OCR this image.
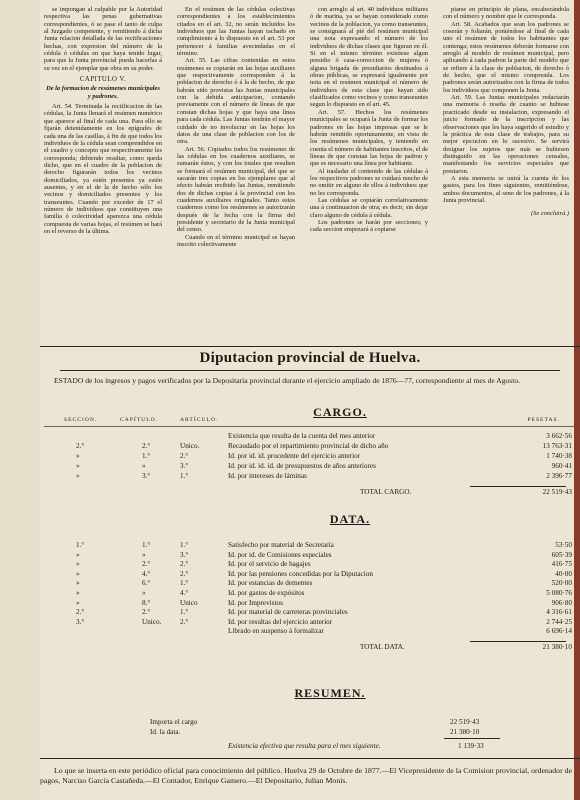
se impongan al culpable por la Autoridad respectiva las penas gubernativas correspondientes, ó se pase el tanto de culpa al Juzgado competente, y remitiendo á dicha Junta relacion detallada de las rectificaciones hechas, con expresion del número de la cédula ó cédulas en que haya tenido lugar, para que la Junta provincial pueda hacerlas á su vez en el ejemplar que obra en su poder.

CAPITULO V.

De la formacion de resúmenes municipales y padrones.

Art. 54. Terminada la rectificacion de las cédulas, la Junta llenará el resúmen numérico que aparece al final de cada una. Para ello se fijarán detenidamente en los epígrafes de cada una de las casillas, á fin de que todos los individuos de la cédula sean comprendidos en el cuadro y concepto que respectivamente les corresponda; debiendo resultar, como queda dicho, que en el cuadro de la poblacion de derecho figurarán todos los vecinos domiciliados, ya estén presentes ya estén ausentes, y en el de la de hecho sólo los vecinos y domiciliados presentes y los transeuntes. Cuando por exceder de 17 el número de individuos que constituyen una familia ó colectividad aparezca una cédula compuesta de varias hojas, el resúmen se hará en el reverso de la última.

En el resúmen de las cédulas colectivas correspondientes á los establecimientos citados en el art. 32, no serán incluidos los individuos que las Juntas hayan tachado en cumplimiento á lo dispuesto en el art. 53 por pertenecer á familias avecindadas en el término.

Art. 55. Las cifras contenidas en estos resúmenes se copiarán en las hojas auxiliares que respectivamente corresponden á la poblacion de derecho ó á la de hecho, de que habrán sido provistas las Juntas municipales con la debida anticipacion, contando previamente con el número de líneas de que constan dichas hojas y que haya una línea para cada cédula. Las Juntas tendrán el mayor cuidado de no involucrar en las hojas los datos de una clase de poblacion con los de otra.

Art. 56. Copiados todos los resúmenes de las cédulas en los cuadernos auxiliares, se sumarán éstos, y con los totales que resulten se formará el resúmen municipal, del que se sacarán tres copias en los ejemplares que al efecto habrán recibido las Juntas, remitiendo dos de dichas copias á la provincial con los cuadernos auxiliares originales. Tanto estos cuadernos como los resúmenes se autorizarán después de la fecha con la firma del presidente y secretario de la Junta municipal del censo.

Cuando en el término municipal se hayan inscrito colectivamente

con arreglo al art. 40 individuos militares ó de marina, ya se hayan considerado como vecinos de la poblacion, ya como transeuntes, se consignará al pié del resúmen municipal una nota expresando el número de los individuos de dichas clases que figuran en él. Si en el mismo término existiese algun presidio ó casa-correccion de mujeres ó alguna brigada de presidiarios destinados á obras públicas, se expresará igualmente por nota en el resúmen municipal el número de individuos de esta clase que hayan sido clasificados como vecinos y como transeuntes segun lo dispuesto en el art. 45.

Art. 57. Hechos los resúmenes municipales se ocupará la Junta de formar los padrones en las hojas impresas que se le habrán remitido oportunamente, en vista de los resúmenes municipales, y teniendo en cuenta el número de habitantes inscritos, el de líneas de que constan las hojas de padron y que es necesario una línea por habitante.

Al trasladar el contenido de las cédulas á los respectivos padrones se cuidará mucho de no omitir en alguno de ellos á individuos que no les corresponda.

Las cédulas se copiarán correlativamente una á continuacion de otra; es decir, sin dejar claro alguno de cédula á cédula.

Los padrones se harán por secciones; y cada seccion empezará á copiarse

piarse en principio de plana, encabezándola con el número y nombre que le corresponda.

Art. 58. Acabados que sean los padrones se coserán y foliarán, poniéndose al final de cada uno el resúmen de todos los habitantes que contenga; estos resúmenes deberán formarse con arreglo al modelo de resúmen municipal, pero aplicando á cada padron la parte del modelo que se refiere á la clase de poblacion, de derecho ó de hecho, que el mismo comprenda. Los padrones serán autorizados con la firma de todos los individuos que componen la Junta.

Art. 59. Las Juntas municipales redactarán una memoria ó reseña de cuanto se hubiese practicado desde su instalacion, expresando el juicio formado de la inscripcion y las observaciones que les haya sugerido el estudio y la práctica de esta clase de trabajos, para su mejor ejecucion en lo sucesivo. Se servirá designar los sujetos que más se hubiesen distinguido en las operaciones censales, manifestando los servicios especiales que prestaron.

A esta memoria se unirá la cuenta de los gastos, para los fines siguientes, remitiéndose, ambos documentos, al seno de los padrones, á la Junta provincial.

(Se concluirá.)

Diputacion provincial de Huelva.
ESTADO de los ingresos y pagos verificados por la Depositaría provincial durante el ejercicio ampliado de 1876—77, correspondiente al mes de Agosto.
SECCION.	CAPÍTULO.	ARTÍCULO.	PESETAS.
CARGO.
Existencia que resulta de la cuenta del mes anterior	3 662·56
2.°	2.°	Unico.	Recaudado por el repartimiento provincial de dicho año	13 763·31
»	1.°	2.°	Id. por id. id. procedente del ejercicio anterior	1 740·38
»	»	3.°	Id. por id. id. id. de presupuestos de años anteriores	960·41
»	3.°	1.°	Id. por intereses de láminas	2 396·77
TOTAL CARGO.	22 519·43
DATA.
1.°	1.°	1.°	Satisfecho por material de Secretaría	53·50
»	»	3.°	Id. por id. de Comisiones especiales	605·39
»	2.°	2.°	Id. por el servicio de bagajes	416·75
»	4.°	2.°	Id. por las pensiones concedidas por la Diputacion	40·00
»	6.°	1.°	Id. por estancias de dementes	520·00
»	»	4.°	Id. por gastos de expósitos	5 080·76
»	8.°	Unico	Id. por Imprevistos	906·80
2.°	2.°	1.°	Id. por material de carreteras provinciales	4 316·61
3.°	Unico.	2.°	Id. por resultas del ejercicio anterior	2 744·25
Librado en suspenso á formalizar	6 696·14
TOTAL DATA.	21 380·10
RESUMEN.
Importa el cargo	22 519·43
Id. la data.	21 380·10
Existencia efectiva que resulta para el mes siguiente.	1 139·33
Lo que se inserta en este periódico oficial para conocimiento del público. Huelva 29 de Octubre de 1877.—El Vicepresidente de la Comision provincial, ordenador de pagos, Narciso García Castañeda.—El Contador, Enrique Gamero.—El Depositario, Julian Monis.
